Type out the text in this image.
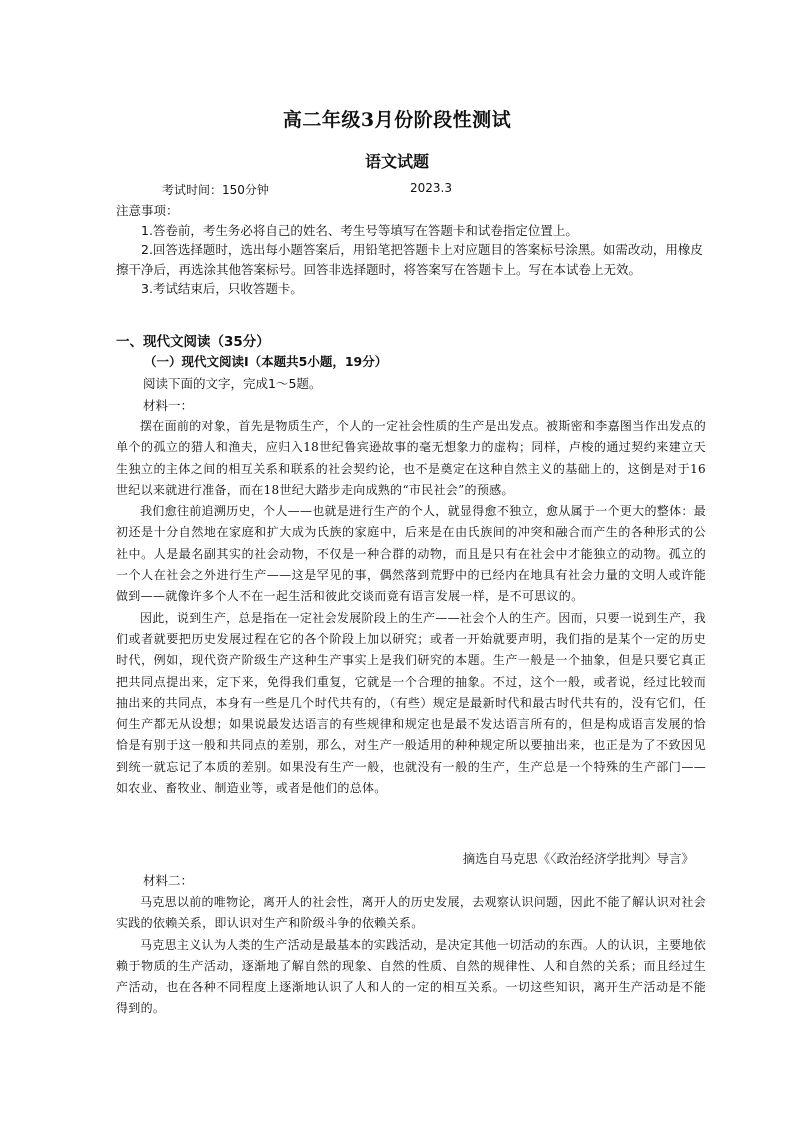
高二年级3月份阶段性测试
语文试题
考试时间：150分钟	2023.3

注意事项：

1.答卷前，考生务必将自己的姓名、考生号等填写在答题卡和试卷指定位置上。

2.回答选择题时，选出每小题答案后，用铅笔把答题卡上对应题目的答案标号涂黑。如需改动，用橡皮擦干净后，再选涂其他答案标号。回答非选择题时，将答案写在答题卡上。写在本试卷上无效。

3.考试结束后，只收答题卡。

一、现代文阅读（35分）
（一）现代文阅读Ⅰ（本题共5小题，19分）
阅读下面的文字，完成1～5题。
材料一：

摆在面前的对象，首先是物质生产，个人的一定社会性质的生产是出发点。被斯密和李嘉图当作出发点的单个的孤立的猎人和渔夫，应归入18世纪鲁宾逊故事的毫无想象力的虚构；同样，卢梭的通过契约来建立天生独立的主体之间的相互关系和联系的社会契约论，也不是奠定在这种自然主义的基础上的，这倒是对于16世纪以来就进行准备，而在18世纪大踏步走向成熟的“市民社会”的预感。

我们愈往前追溯历史，个人——也就是进行生产的个人，就显得愈不独立，愈从属于一个更大的整体：最初还是十分自然地在家庭和扩大成为氏族的家庭中，后来是在由氏族间的冲突和融合而产生的各种形式的公社中。人是最名副其实的社会动物，不仅是一种合群的动物，而且是只有在社会中才能独立的动物。孤立的一个人在社会之外进行生产——这是罕见的事，偶然落到荒野中的已经内在地具有社会力量的文明人或许能做到——就像许多个人不在一起生活和彼此交谈而竟有语言发展一样，是不可思议的。

因此，说到生产，总是指在一定社会发展阶段上的生产——社会个人的生产。因而，只要一说到生产，我们或者就要把历史发展过程在它的各个阶段上加以研究；或者一开始就要声明，我们指的是某个一定的历史时代，例如，现代资产阶级生产这种生产事实上是我们研究的本题。生产一般是一个抽象，但是只要它真正把共同点提出来，定下来，免得我们重复，它就是一个合理的抽象。不过，这个一般，或者说，经过比较而抽出来的共同点，本身有一些是几个时代共有的，（有些）规定是最新时代和最古时代共有的，没有它们，任何生产都无从设想；如果说最发达语言的有些规律和规定也是最不发达语言所有的，但是构成语言发展的恰恰是有别于这一般和共同点的差别，那么，对生产一般适用的种种规定所以要抽出来，也正是为了不致因见到统一就忘记了本质的差别。如果没有生产一般，也就没有一般的生产，生产总是一个特殊的生产部门——如农业、畜牧业、制造业等，或者是他们的总体。

摘选自马克思《〈政治经济学批判〉导言》
材料二：

马克思以前的唯物论，离开人的社会性，离开人的历史发展，去观察认识问题，因此不能了解认识对社会实践的依赖关系，即认识对生产和阶级斗争的依赖关系。

马克思主义认为人类的生产活动是最基本的实践活动，是决定其他一切活动的东西。人的认识，主要地依赖于物质的生产活动，逐渐地了解自然的现象、自然的性质、自然的规律性、人和自然的关系；而且经过生产活动，也在各种不同程度上逐渐地认识了人和人的一定的相互关系。一切这些知识，离开生产活动是不能得到的。
